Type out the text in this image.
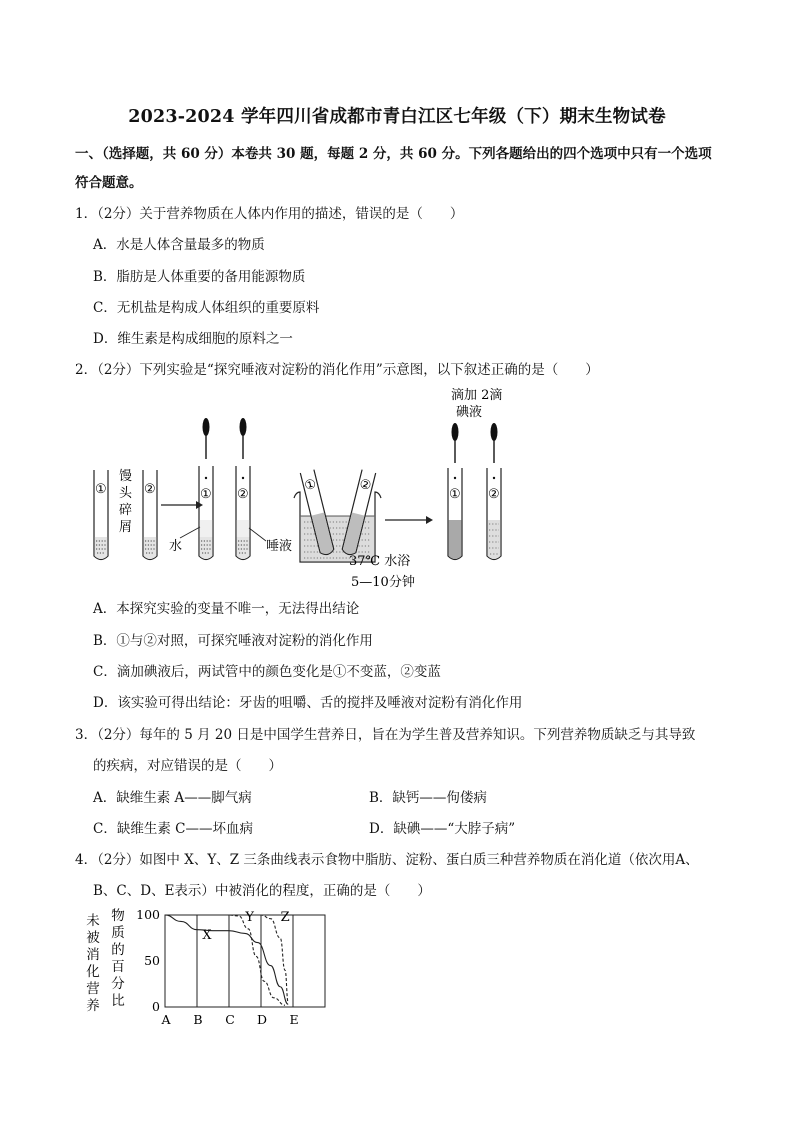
2023-2024 学年四川省成都市青白江区七年级（下）期末生物试卷
一、（选择题，共 60 分）本卷共 30 题，每题 2 分，共 60 分。下列各题给出的四个选项中只有一个选项
符合题意。
1．（2分）关于营养物质在人体内作用的描述，错误的是（　　）
A．水是人体含量最多的物质
B．脂肪是人体重要的备用能源物质
C．无机盐是构成人体组织的重要原料
D．维生素是构成细胞的原料之一
2．（2分）下列实验是“探究唾液对淀粉的消化作用”示意图，以下叙述正确的是（　　）
滴加 2滴
碘液
①
馒
头
碎
屑
②	①
水
②
唾液
①	②
37℃ 水浴
5—10分钟
① ②
A．本探究实验的变量不唯一，无法得出结论
B．①与②对照，可探究唾液对淀粉的消化作用
C．滴加碘液后，两试管中的颜色变化是①不变蓝，②变蓝
D．该实验可得出结论：牙齿的咀嚼、舌的搅拌及唾液对淀粉有消化作用
3．（2分）每年的 5 月 20 日是中国学生营养日，旨在为学生普及营养知识。下列营养物质缺乏与其导致
的疾病，对应错误的是（　　）
A．缺维生素 A——脚气病	B．缺钙——佝偻病
C．缺维生素 C——坏血病	D．缺碘——“大脖子病”
4．（2分）如图中 X、Y、Z 三条曲线表示食物中脂肪、淀粉、蛋白质三种营养物质在消化道（依次用A、
B、C、D、E表示）中被消化的程度，正确的是（　　）
100
50
0
A B C D E
未
被
消
化
营
养
物
质
的
百
分
比
X
Y Z
